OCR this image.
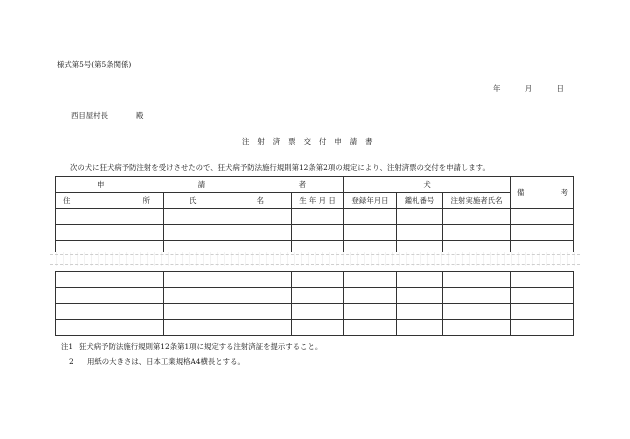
様式第5号(第5条関係)
年	月	日
西目屋村長	殿
注射済票交付申請書
次の犬に狂犬病予防注射を受けさせたので、狂犬病予防法施行規則第12条第2項の規定により、注射済票の交付を申請します。
申 請 者			犬			備 考

住 所	氏 名	生 年 月 日	登録年月日	鑑札番号	注射実施者氏名	

注1 狂犬病予防法施行規則第12条第1項に規定する注射済証を提示すること。
2 用紙の大きさは、日本工業規格A4横長とする。
